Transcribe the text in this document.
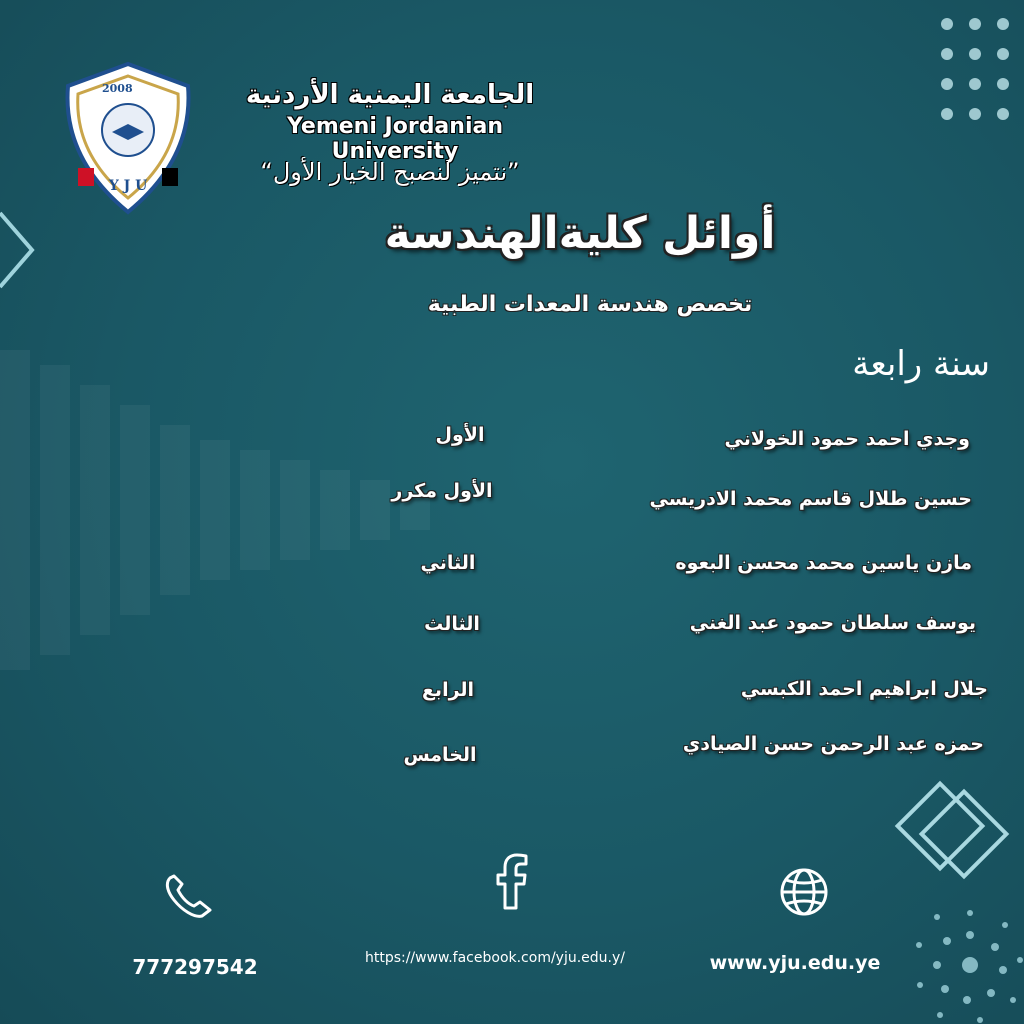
2008
Y J U
الجامعة اليمنية الأردنية
Yemeni Jordanian University
”نتميز لنصبح الخيار الأول“
أوائل كليةالهندسة
تخصص هندسة المعدات الطبية
سنة رابعة
وجدي احمد حمود الخولاني
الأول
حسين طلال قاسم محمد الادريسي
الأول مكرر
مازن ياسين محمد محسن البعوه
الثاني
يوسف سلطان حمود عبد الغني
الثالث
جلال ابراهيم احمد الكبسي
الرابع
حمزه عبد الرحمن حسن الصيادي
الخامس
777297542	https://www.facebook.com/yju.edu.y/	www.yju.edu.ye
